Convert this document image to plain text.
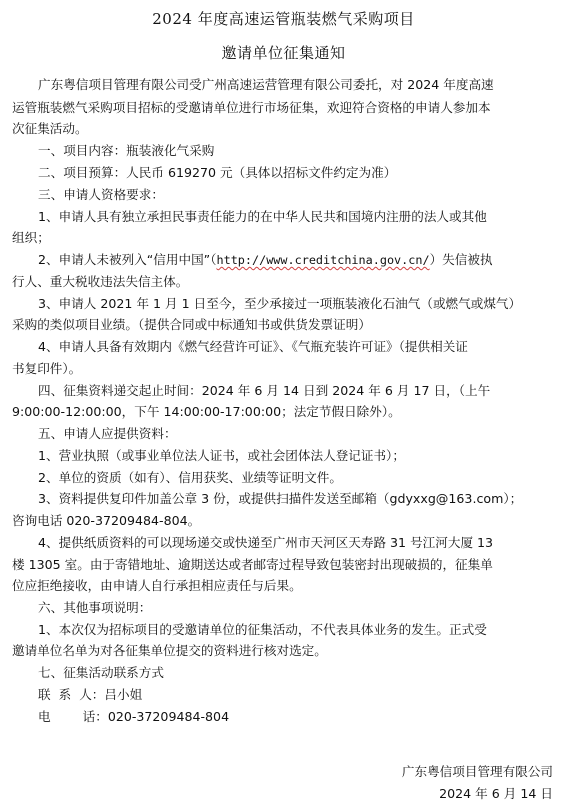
2024 年度高速运管瓶装燃气采购项目
邀请单位征集通知
广东粤信项目管理有限公司受广州高速运营管理有限公司委托，对 2024 年度高速
运管瓶装燃气采购项目招标的受邀请单位进行市场征集，欢迎符合资格的申请人参加本
次征集活动。
一、项目内容：瓶装液化气采购
二、项目预算：人民币 619270 元（具体以招标文件约定为准）
三、申请人资格要求：
1、申请人具有独立承担民事责任能力的在中华人民共和国境内注册的法人或其他
组织；
2、申请人未被列入“信用中国”（http://www.creditchina.gov.cn/）失信被执
行人、重大税收违法失信主体。
3、申请人 2021 年 1 月 1 日至今，至少承接过一项瓶装液化石油气（或燃气或煤气）
采购的类似项目业绩。（提供合同或中标通知书或供货发票证明）
4、申请人具备有效期内《燃气经营许可证》、《气瓶充装许可证》（提供相关证
书复印件）。
四、征集资料递交起止时间：2024 年 6 月 14 日到 2024 年 6 月 17 日，（上午
9:00:00-12:00:00，下午 14:00:00-17:00:00；法定节假日除外）。
五、申请人应提供资料：
1、营业执照（或事业单位法人证书，或社会团体法人登记证书）；
2、单位的资质（如有）、信用获奖、业绩等证明文件。
3、资料提供复印件加盖公章 3 份，或提供扫描件发送至邮箱（gdyxxg@163.com）；
咨询电话 020-37209484-804。
4、提供纸质资料的可以现场递交或快递至广州市天河区天寿路 31 号江河大厦 13
楼 1305 室。由于寄错地址、逾期送达或者邮寄过程导致包装密封出现破损的，征集单
位应拒绝接收，由申请人自行承担相应责任与后果。
六、其他事项说明：
1、本次仅为招标项目的受邀请单位的征集活动，不代表具体业务的发生。正式受
邀请单位名单为对各征集单位提交的资料进行核对选定。
七、征集活动联系方式
联  系  人：吕小姐
电        话：020-37209484-804
广东粤信项目管理有限公司
2024 年 6 月 14 日
